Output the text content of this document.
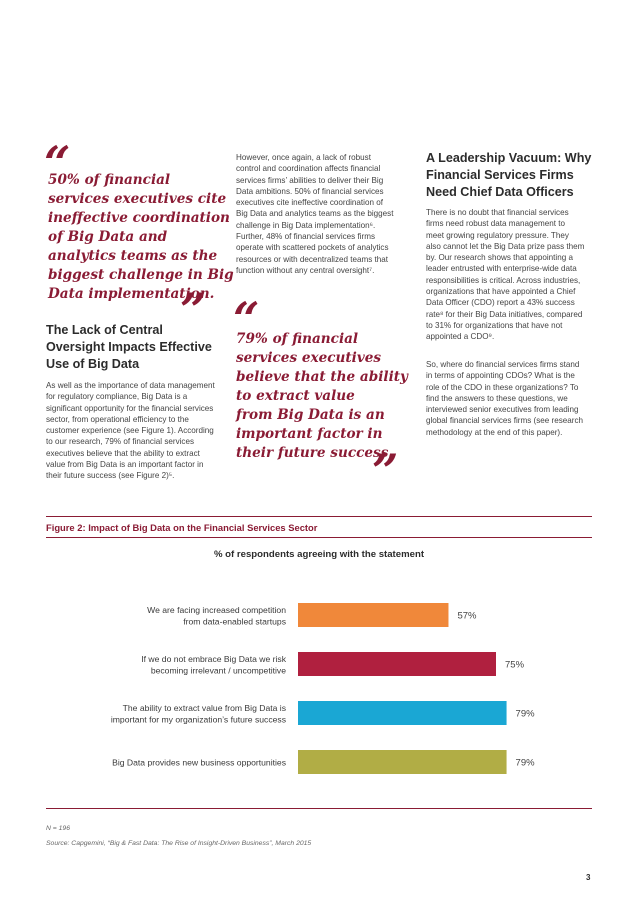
“
50% of financial
services executives cite
ineffective coordination
of Big Data and
analytics teams as the
biggest challenge in Big
Data implementation.
”
The Lack of Central
Oversight Impacts Effective
Use of Big Data
As well as the importance of data management
for regulatory compliance, Big Data is a
significant opportunity for the financial services
sector, from operational efficiency to the
customer experience (see Figure 1). According
to our research, 79% of financial services
executives believe that the ability to extract
value from Big Data is an important factor in
their future success (see Figure 2)⁵.
However, once again, a lack of robust
control and coordination affects financial
services firms’ abilities to deliver their Big
Data ambitions. 50% of financial services
executives cite ineffective coordination of
Big Data and analytics teams as the biggest
challenge in Big Data implementation⁶.
Further, 48% of financial services firms
operate with scattered pockets of analytics
resources or with decentralized teams that
function without any central oversight⁷.
“
79% of financial
services executives
believe that the ability
to extract value
from Big Data is an
important factor in
their future success.
”
A Leadership Vacuum: Why
Financial Services Firms
Need Chief Data Officers
There is no doubt that financial services
firms need robust data management to
meet growing regulatory pressure. They
also cannot let the Big Data prize pass them
by. Our research shows that appointing a
leader entrusted with enterprise-wide data
responsibilities is critical. Across industries,
organizations that have appointed a Chief
Data Officer (CDO) report a 43% success
rate⁸ for their Big Data initiatives, compared
to 31% for organizations that have not
appointed a CDO⁹.
So, where do financial services firms stand
in terms of appointing CDOs? What is the
role of the CDO in these organizations? To
find the answers to these questions, we
interviewed senior executives from leading
global financial services firms (see research
methodology at the end of this paper).
Figure 2: Impact of Big Data on the Financial Services Sector
% of respondents agreeing with the statement
57%
We are facing increased competition
from data-enabled startups
75%
If we do not embrace Big Data we risk
becoming irrelevant / uncompetitive
79%
The ability to extract value from Big Data is
important for my organization’s future success
79%
Big Data provides new business opportunities
N = 196
Source: Capgemini, “Big & Fast Data: The Rise of Insight-Driven Business”, March 2015
3
